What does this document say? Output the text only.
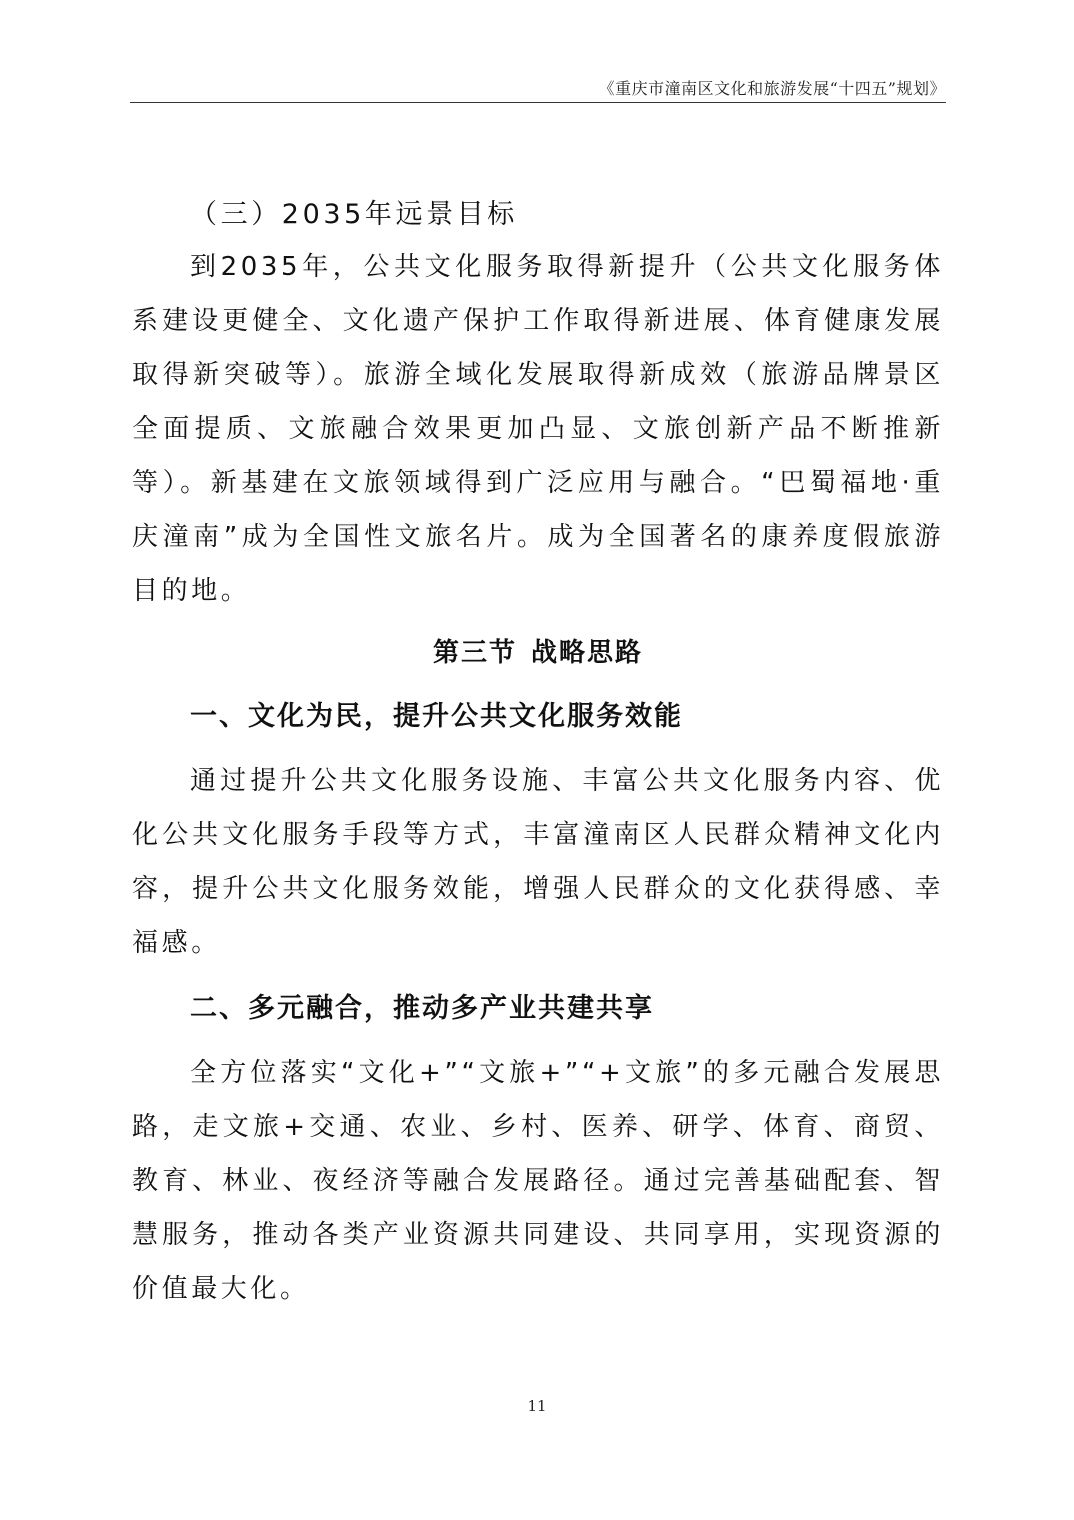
《重庆市潼南区文化和旅游发展“十四五”规划》

（三）2035年远景目标

到2035年，公共文化服务取得新提升（公共文化服务体系建设更健全、文化遗产保护工作取得新进展、体育健康发展取得新突破等）。旅游全域化发展取得新成效（旅游品牌景区全面提质、文旅融合效果更加凸显、文旅创新产品不断推新等）。新基建在文旅领域得到广泛应用与融合。“巴蜀福地·重庆潼南”成为全国性文旅名片。成为全国著名的康养度假旅游目的地。

第三节 战略思路

一、文化为民，提升公共文化服务效能

通过提升公共文化服务设施、丰富公共文化服务内容、优化公共文化服务手段等方式，丰富潼南区人民群众精神文化内容，提升公共文化服务效能，增强人民群众的文化获得感、幸福感。

二、多元融合，推动多产业共建共享

全方位落实“文化+”“文旅+”“+文旅”的多元融合发展思路，走文旅+交通、农业、乡村、医养、研学、体育、商贸、教育、林业、夜经济等融合发展路径。通过完善基础配套、智慧服务，推动各类产业资源共同建设、共同享用，实现资源的价值最大化。

11
